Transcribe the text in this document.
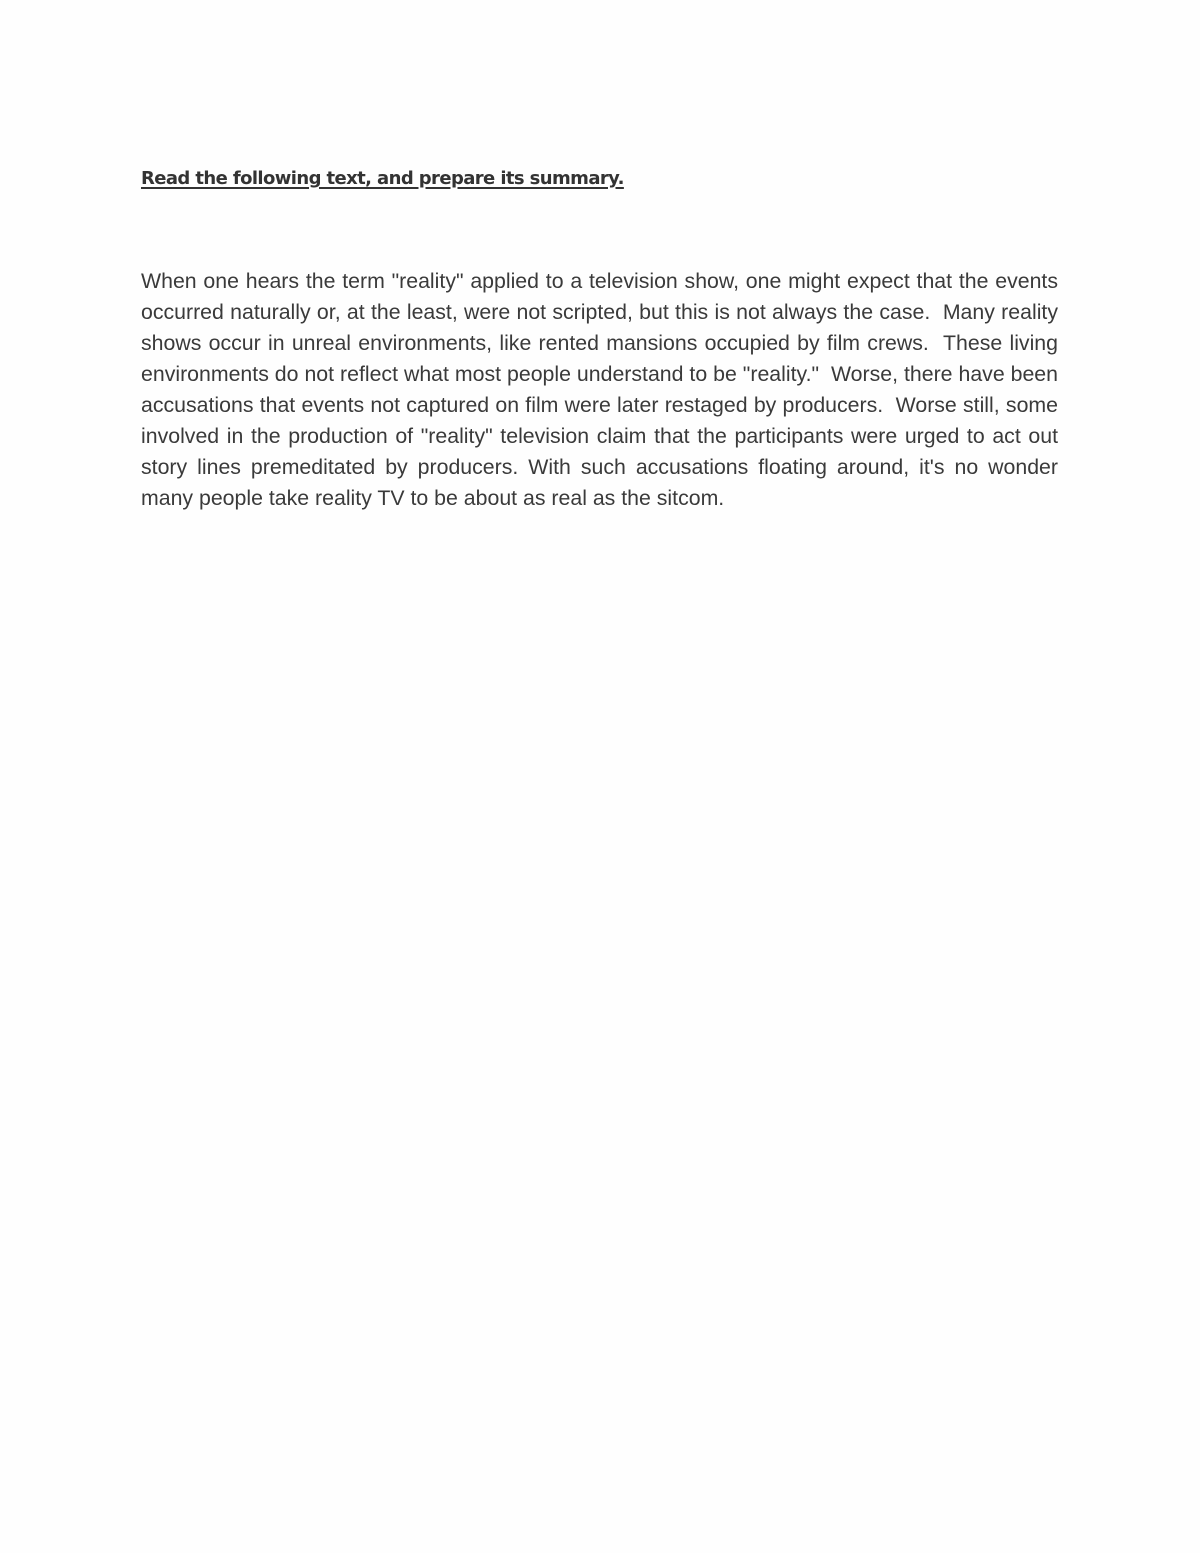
Read the following text, and prepare its summary.

When one hears the term "reality" applied to a television show, one might expect that the events occurred naturally or, at the least, were not scripted, but this is not always the case.  Many reality shows occur in unreal environments, like rented mansions occupied by film crews.  These living environments do not reflect what most people understand to be "reality."  Worse, there have been accusations that events not captured on film were later restaged by producers.  Worse still, some involved in the production of "reality" television claim that the participants were urged to act out story lines premeditated by producers. With such accusations floating around, it's no wonder many people take reality TV to be about as real as the sitcom.
